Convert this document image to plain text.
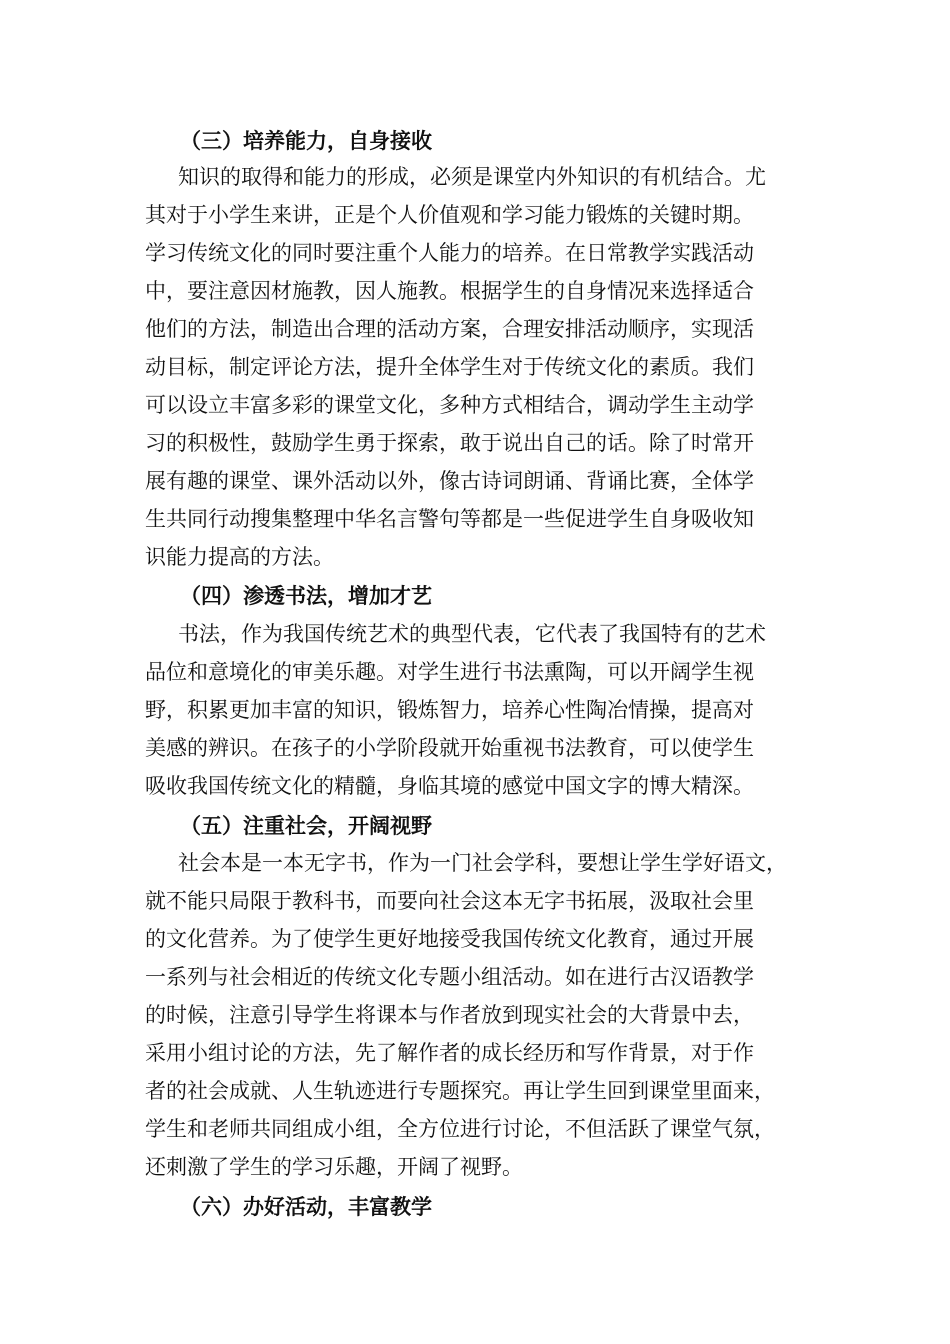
（三）培养能力，自身接收

知识的取得和能力的形成，必须是课堂内外知识的有机结合。尤

其对于小学生来讲，正是个人价值观和学习能力锻炼的关键时期。

学习传统文化的同时要注重个人能力的培养。在日常教学实践活动

中，要注意因材施教，因人施教。根据学生的自身情况来选择适合

他们的方法，制造出合理的活动方案，合理安排活动顺序，实现活

动目标，制定评论方法，提升全体学生对于传统文化的素质。我们

可以设立丰富多彩的课堂文化，多种方式相结合，调动学生主动学

习的积极性，鼓励学生勇于探索，敢于说出自己的话。除了时常开

展有趣的课堂、课外活动以外，像古诗词朗诵、背诵比赛，全体学

生共同行动搜集整理中华名言警句等都是一些促进学生自身吸收知

识能力提高的方法。

（四）渗透书法，增加才艺

书法，作为我国传统艺术的典型代表，它代表了我国特有的艺术

品位和意境化的审美乐趣。对学生进行书法熏陶，可以开阔学生视

野，积累更加丰富的知识，锻炼智力，培养心性陶冶情操，提高对

美感的辨识。在孩子的小学阶段就开始重视书法教育，可以使学生

吸收我国传统文化的精髓，身临其境的感觉中国文字的博大精深。

（五）注重社会，开阔视野

社会本是一本无字书，作为一门社会学科，要想让学生学好语文，

就不能只局限于教科书，而要向社会这本无字书拓展，汲取社会里

的文化营养。为了使学生更好地接受我国传统文化教育，通过开展

一系列与社会相近的传统文化专题小组活动。如在进行古汉语教学

的时候，注意引导学生将课本与作者放到现实社会的大背景中去，

采用小组讨论的方法，先了解作者的成长经历和写作背景，对于作

者的社会成就、人生轨迹进行专题探究。再让学生回到课堂里面来，

学生和老师共同组成小组，全方位进行讨论，不但活跃了课堂气氛，

还刺激了学生的学习乐趣，开阔了视野。

（六）办好活动，丰富教学
